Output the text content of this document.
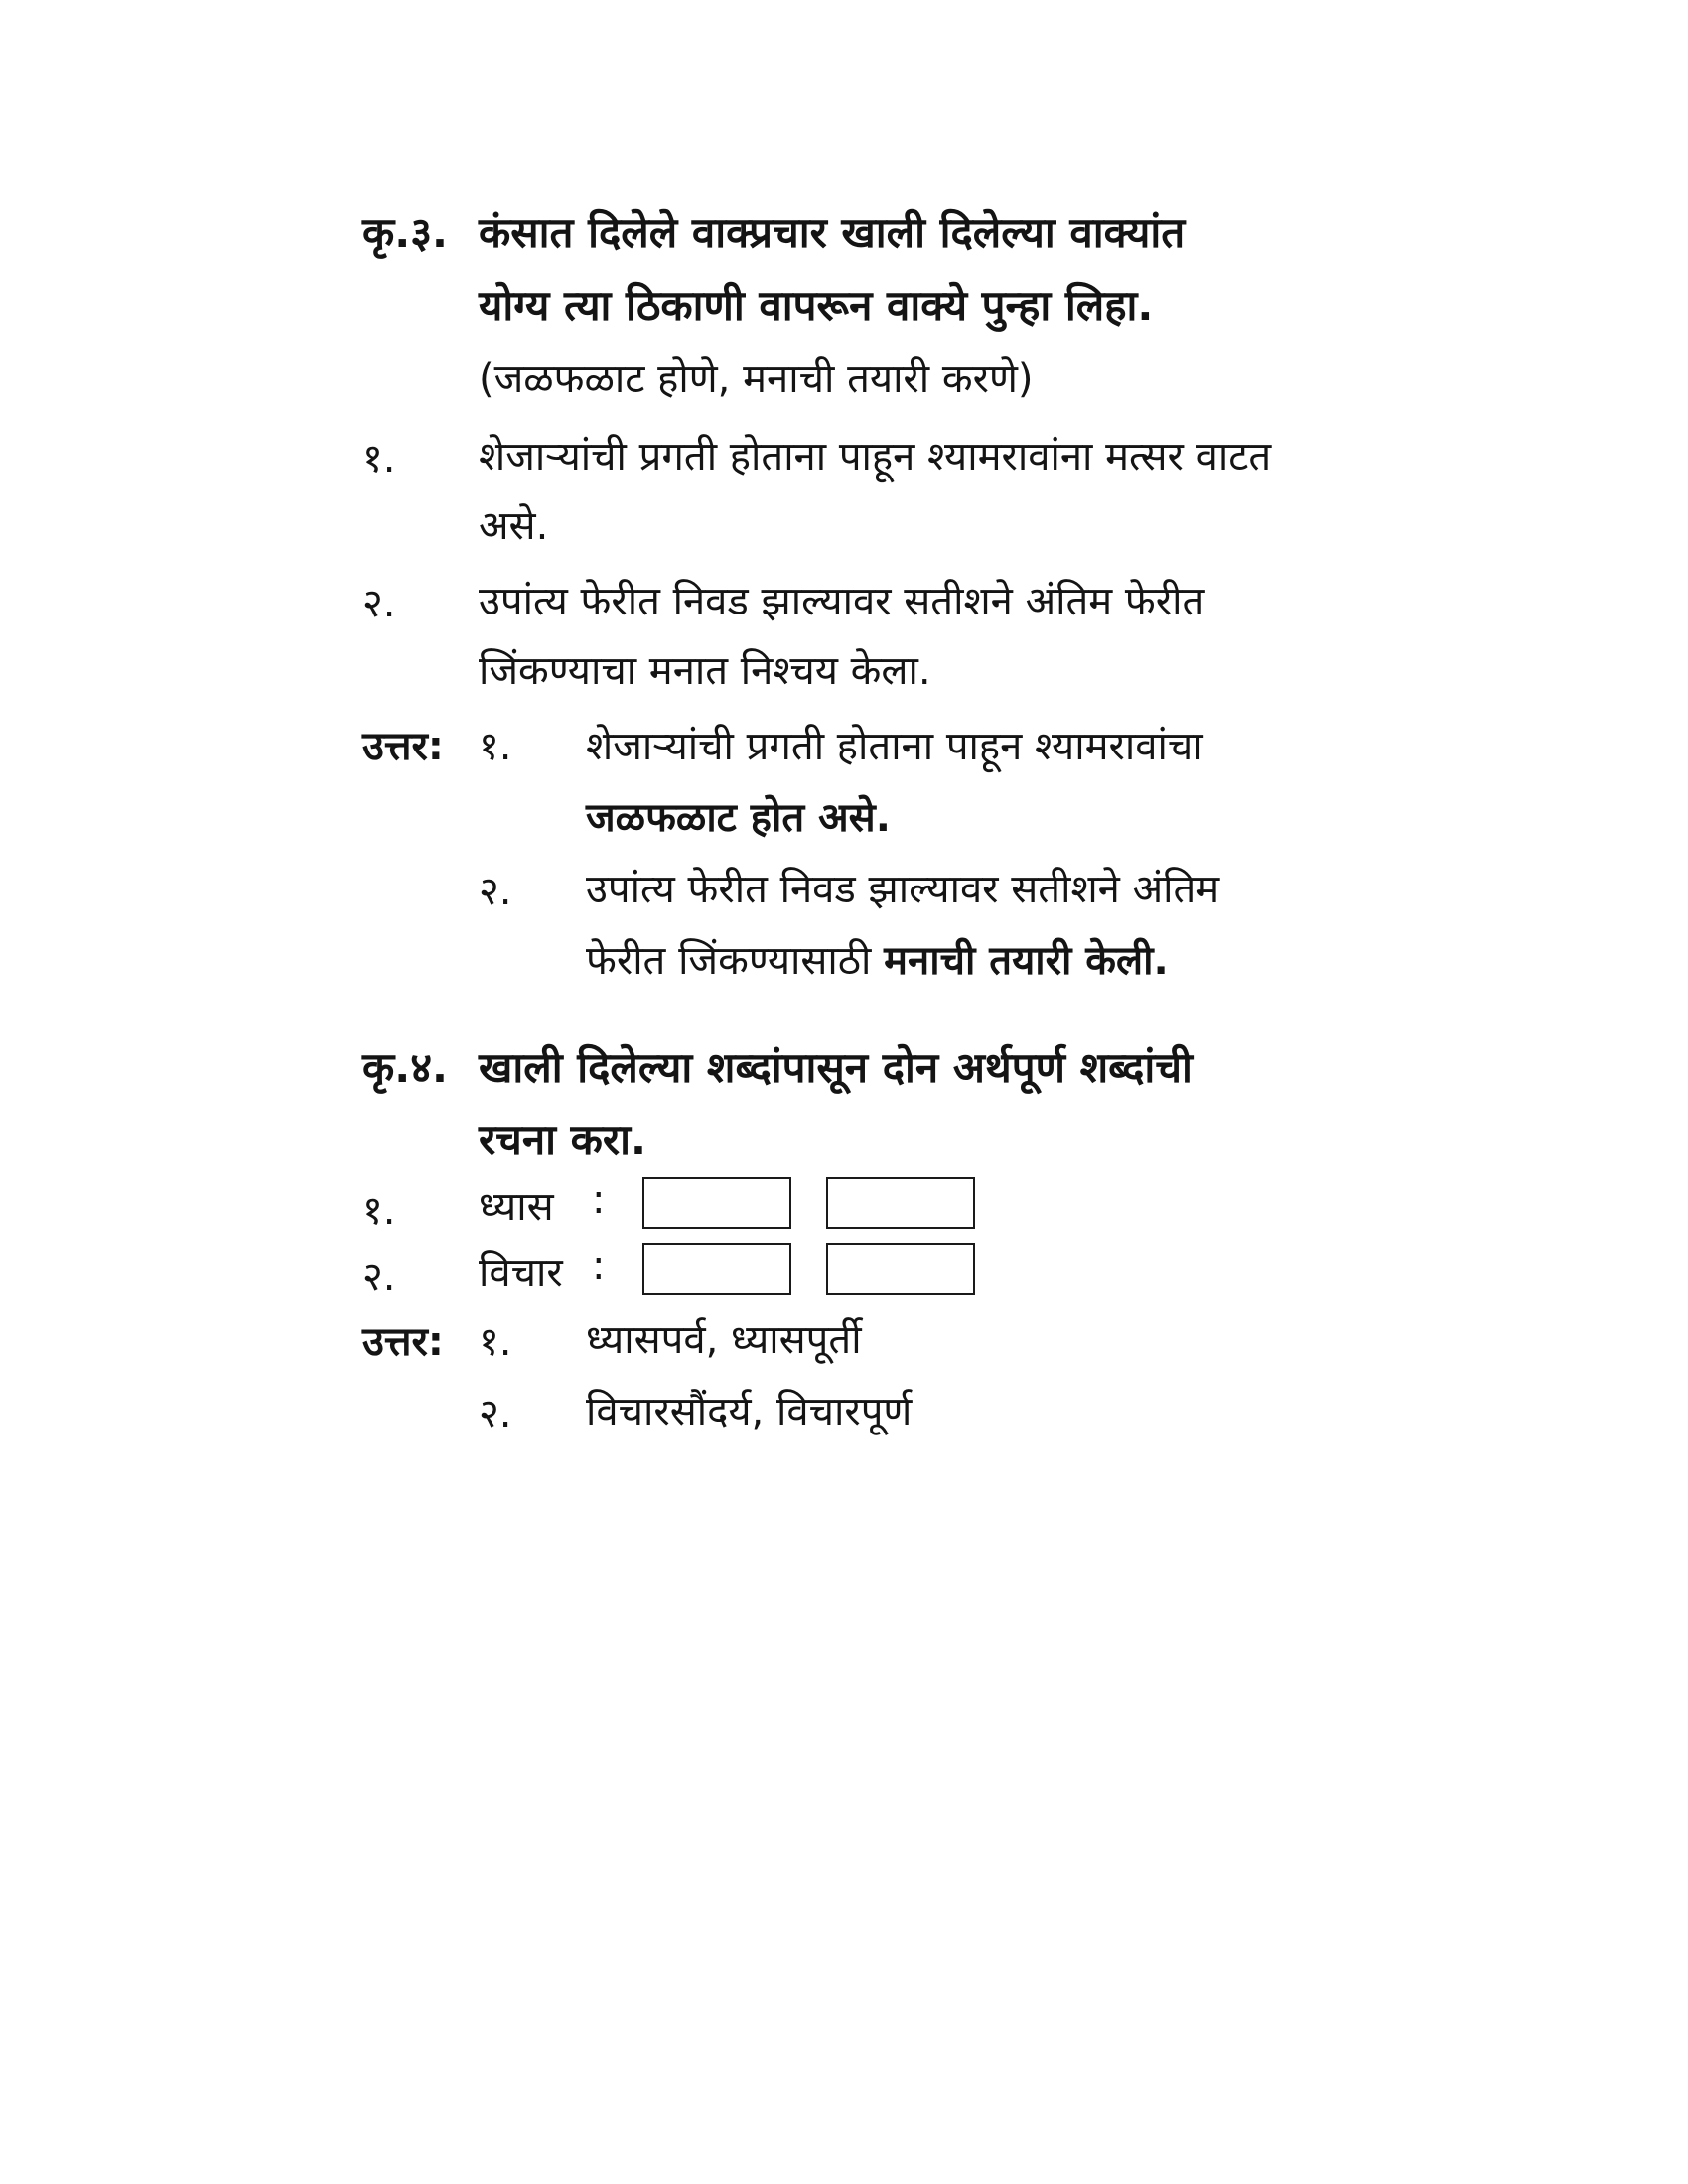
कृ.३. कंसात दिलेले वाक्प्रचार खाली दिलेल्या वाक्यांत
योग्य त्या ठिकाणी वापरून वाक्ये पुन्हा लिहा.
(जळफळाट होणे, मनाची तयारी करणे)
१. शेजाऱ्यांची प्रगती होताना पाहून श्यामरावांना मत्सर वाटत
असे.
२. उपांत्य फेरीत निवड झाल्यावर सतीशने अंतिम फेरीत
जिंकण्याचा मनात निश्चय केला.
उत्तर: १. शेजाऱ्यांची प्रगती होताना पाहून श्यामरावांचा
जळफळाट होत असे.
२. उपांत्य फेरीत निवड झाल्यावर सतीशने अंतिम
फेरीत जिंकण्यासाठी मनाची तयारी केली.
कृ.४. खाली दिलेल्या शब्दांपासून दोन अर्थपूर्ण शब्दांची
रचना करा.
१. ध्यास :
२. विचार :
उत्तर: १. ध्यासपर्व, ध्यासपूर्ती
२. विचारसौंदर्य, विचारपूर्ण
